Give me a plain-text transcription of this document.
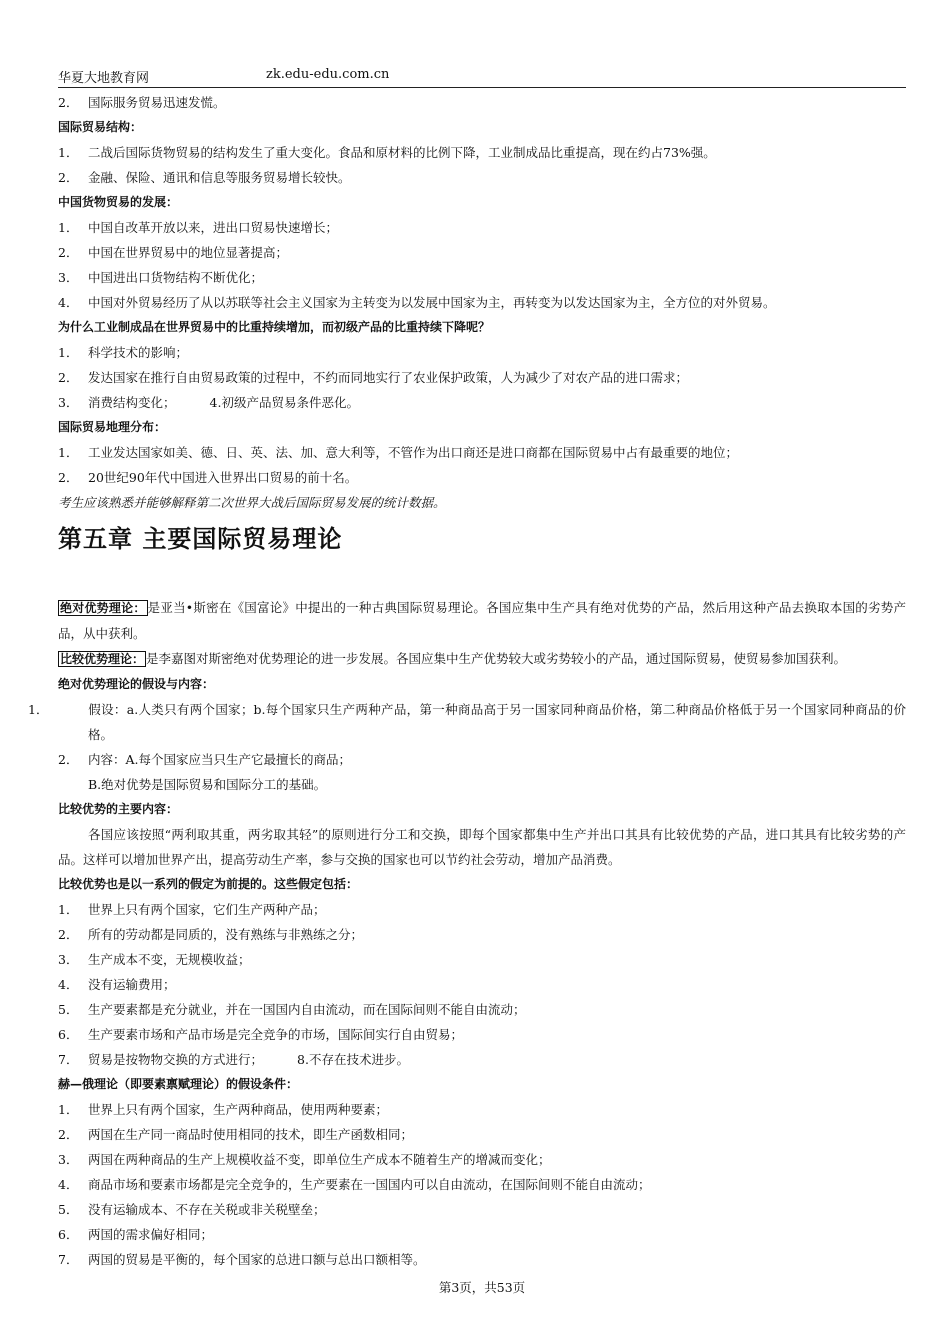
华夏大地教育网	zk.edu-edu.com.cn
2． 国际服务贸易迅速发慌。
国际贸易结构：
1． 二战后国际货物贸易的结构发生了重大变化。食品和原材料的比例下降，工业制成品比重提高，现在约占73%强。
2． 金融、保险、通讯和信息等服务贸易增长较快。
中国货物贸易的发展：
1． 中国自改革开放以来，进出口贸易快速增长；
2． 中国在世界贸易中的地位显著提高；
3． 中国进出口货物结构不断优化；
4． 中国对外贸易经历了从以苏联等社会主义国家为主转变为以发展中国家为主，再转变为以发达国家为主，全方位的对外贸易。
为什么工业制成品在世界贸易中的比重持续增加，而初级产品的比重持续下降呢？
1． 科学技术的影响；
2． 发达国家在推行自由贸易政策的过程中，不约而同地实行了农业保护政策，人为减少了对农产品的进口需求；
3． 消费结构变化；	4.初级产品贸易条件恶化。
国际贸易地理分布：
1． 工业发达国家如美、德、日、英、法、加、意大利等，不管作为出口商还是进口商都在国际贸易中占有最重要的地位；
2． 20世纪90年代中国进入世界出口贸易的前十名。
考生应该熟悉并能够解释第二次世界大战后国际贸易发展的统计数据。
第五章 主要国际贸易理论
绝对优势理论： 是亚当•斯密在《国富论》中提出的一种古典国际贸易理论。各国应集中生产具有绝对优势的产品，然后用这种产品去换取本国的劣势产品，从中获利。
比较优势理论： 是李嘉图对斯密绝对优势理论的进一步发展。各国应集中生产优势较大或劣势较小的产品，通过国际贸易，使贸易参加国获利。
绝对优势理论的假设与内容：
1．	假设：a.人类只有两个国家；b.每个国家只生产两种产品，第一种商品高于另一国家同种商品价格，第二种商品价格低于另一个国家同种商品的价格。
2． 内容：A.每个国家应当只生产它最擅长的商品；
B.绝对优势是国际贸易和国际分工的基础。
比较优势的主要内容：
各国应该按照“两利取其重，两劣取其轻”的原则进行分工和交换，即每个国家都集中生产并出口其具有比较优势的产品，进口其具有比较劣势的产品。这样可以增加世界产出，提高劳动生产率，参与交换的国家也可以节约社会劳动，增加产品消费。
比较优势也是以一系列的假定为前提的。这些假定包括：
1． 世界上只有两个国家，它们生产两种产品；
2． 所有的劳动都是同质的，没有熟练与非熟练之分；
3． 生产成本不变，无规模收益；
4． 没有运输费用；
5． 生产要素都是充分就业，并在一国国内自由流动，而在国际间则不能自由流动；
6． 生产要素市场和产品市场是完全竞争的市场，国际间实行自由贸易；
7． 贸易是按物物交换的方式进行；	8.不存在技术进步。
赫—俄理论（即要素禀赋理论）的假设条件：
1． 世界上只有两个国家，生产两种商品，使用两种要素；
2． 两国在生产同一商品时使用相同的技术，即生产函数相同；
3． 两国在两种商品的生产上规模收益不变，即单位生产成本不随着生产的增减而变化；
4． 商品市场和要素市场都是完全竞争的，生产要素在一国国内可以自由流动，在国际间则不能自由流动；
5． 没有运输成本、不存在关税或非关税壁垒；
6． 两国的需求偏好相同；
7． 两国的贸易是平衡的，每个国家的总进口额与总出口额相等。
第3页，共53页
